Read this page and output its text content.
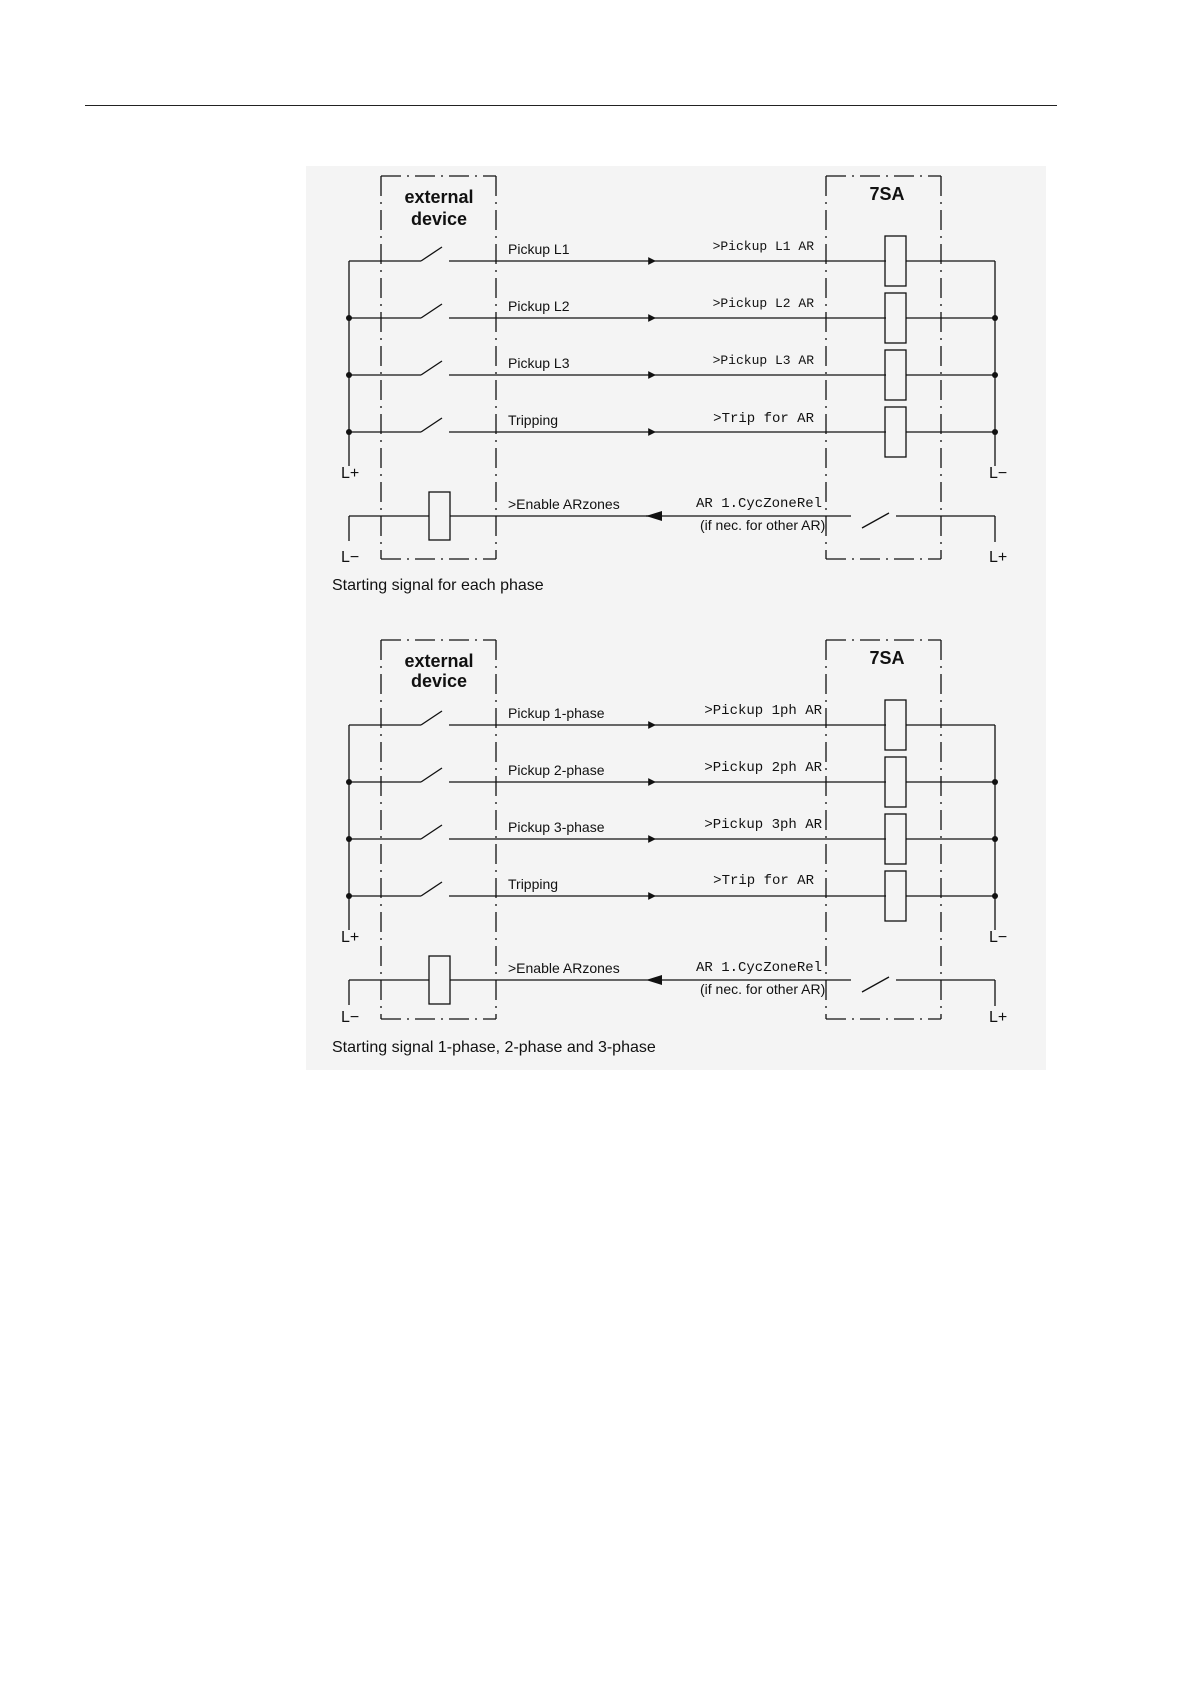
external
device
7SA
Pickup L1
Pickup L2
Pickup L3
Tripping
>Pickup L1 AR
>Pickup L2 AR
>Pickup L3 AR
>Trip for AR
L+	L−
>Enable ARzones	AR 1.CycZoneRel
(if nec. for other AR)
L−	L+
Starting signal for each phase
external
device
7SA
Pickup 1-phase
Pickup 2-phase
Pickup 3-phase
Tripping
>Pickup 1ph AR
>Pickup 2ph AR
>Pickup 3ph AR
>Trip for AR
L+	L−
>Enable ARzones	AR 1.CycZoneRel
(if nec. for other AR)
L−	L+
Starting signal 1-phase, 2-phase and 3-phase
